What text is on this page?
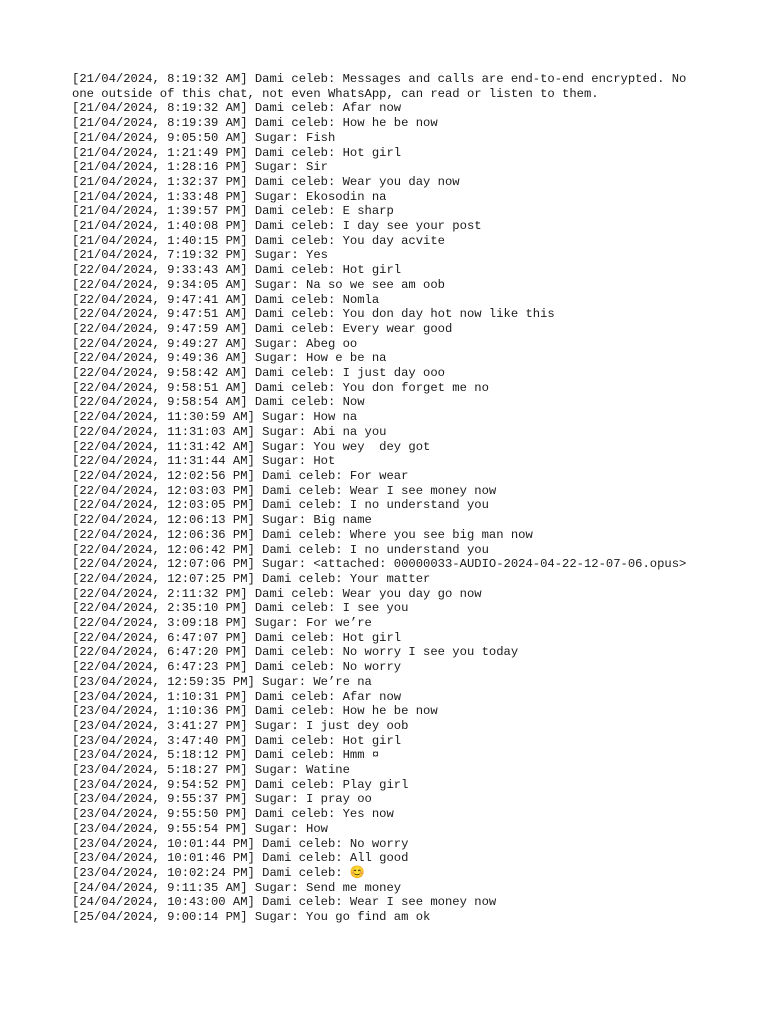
[21/04/2024, 8:19:32 AM] Dami celeb: Messages and calls are end-to-end encrypted. No one outside of this chat, not even WhatsApp, can read or listen to them.

[21/04/2024, 8:19:32 AM] Dami celeb: Afar now

[21/04/2024, 8:19:39 AM] Dami celeb: How he be now

[21/04/2024, 9:05:50 AM] Sugar: Fish

[21/04/2024, 1:21:49 PM] Dami celeb: Hot girl

[21/04/2024, 1:28:16 PM] Sugar: Sir

[21/04/2024, 1:32:37 PM] Dami celeb: Wear you day now

[21/04/2024, 1:33:48 PM] Sugar: Ekosodin na

[21/04/2024, 1:39:57 PM] Dami celeb: E sharp

[21/04/2024, 1:40:08 PM] Dami celeb: I day see your post

[21/04/2024, 1:40:15 PM] Dami celeb: You day acvite

[21/04/2024, 7:19:32 PM] Sugar: Yes

[22/04/2024, 9:33:43 AM] Dami celeb: Hot girl

[22/04/2024, 9:34:05 AM] Sugar: Na so we see am oob

[22/04/2024, 9:47:41 AM] Dami celeb: Nomla

[22/04/2024, 9:47:51 AM] Dami celeb: You don day hot now like this

[22/04/2024, 9:47:59 AM] Dami celeb: Every wear good

[22/04/2024, 9:49:27 AM] Sugar: Abeg oo

[22/04/2024, 9:49:36 AM] Sugar: How e be na

[22/04/2024, 9:58:42 AM] Dami celeb: I just day ooo

[22/04/2024, 9:58:51 AM] Dami celeb: You don forget me no

[22/04/2024, 9:58:54 AM] Dami celeb: Now

[22/04/2024, 11:30:59 AM] Sugar: How na

[22/04/2024, 11:31:03 AM] Sugar: Abi na you

[22/04/2024, 11:31:42 AM] Sugar: You wey  dey got

[22/04/2024, 11:31:44 AM] Sugar: Hot

[22/04/2024, 12:02:56 PM] Dami celeb: For wear

[22/04/2024, 12:03:03 PM] Dami celeb: Wear I see money now

[22/04/2024, 12:03:05 PM] Dami celeb: I no understand you

[22/04/2024, 12:06:13 PM] Sugar: Big name

[22/04/2024, 12:06:36 PM] Dami celeb: Where you see big man now

[22/04/2024, 12:06:42 PM] Dami celeb: I no understand you

[22/04/2024, 12:07:06 PM] Sugar: <attached: 00000033-AUDIO-2024-04-22-12-07-06.opus>

[22/04/2024, 12:07:25 PM] Dami celeb: Your matter

[22/04/2024, 2:11:32 PM] Dami celeb: Wear you day go now

[22/04/2024, 2:35:10 PM] Dami celeb: I see you

[22/04/2024, 3:09:18 PM] Sugar: For we’re

[22/04/2024, 6:47:07 PM] Dami celeb: Hot girl

[22/04/2024, 6:47:20 PM] Dami celeb: No worry I see you today

[22/04/2024, 6:47:23 PM] Dami celeb: No worry

[23/04/2024, 12:59:35 PM] Sugar: We’re na

[23/04/2024, 1:10:31 PM] Dami celeb: Afar now

[23/04/2024, 1:10:36 PM] Dami celeb: How he be now

[23/04/2024, 3:41:27 PM] Sugar: I just dey oob

[23/04/2024, 3:47:40 PM] Dami celeb: Hot girl

[23/04/2024, 5:18:12 PM] Dami celeb: Hmm ¤

[23/04/2024, 5:18:27 PM] Sugar: Watine

[23/04/2024, 9:54:52 PM] Dami celeb: Play girl

[23/04/2024, 9:55:37 PM] Sugar: I pray oo

[23/04/2024, 9:55:50 PM] Dami celeb: Yes now

[23/04/2024, 9:55:54 PM] Sugar: How

[23/04/2024, 10:01:44 PM] Dami celeb: No worry

[23/04/2024, 10:01:46 PM] Dami celeb: All good

[23/04/2024, 10:02:24 PM] Dami celeb: 😊

[24/04/2024, 9:11:35 AM] Sugar: Send me money

[24/04/2024, 10:43:00 AM] Dami celeb: Wear I see money now

[25/04/2024, 9:00:14 PM] Sugar: You go find am ok
